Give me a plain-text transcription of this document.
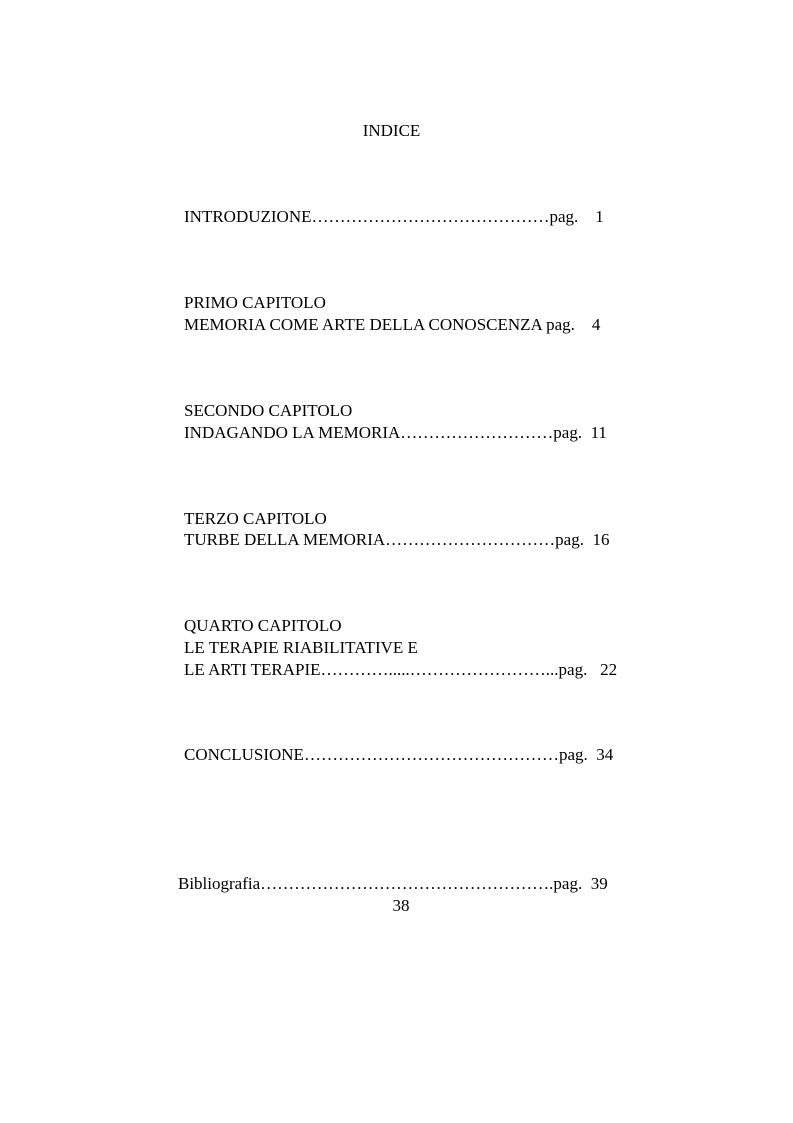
INDICE
INTRODUZIONE……………………………………pag.    1
PRIMO CAPITOLO
MEMORIA COME ARTE DELLA CONOSCENZA pag.    4
SECONDO CAPITOLO
INDAGANDO LA MEMORIA………………………pag.  11
TERZO CAPITOLO
TURBE DELLA MEMORIA…………………………pag.  16
QUARTO CAPITOLO
LE TERAPIE RIABILITATIVE E
LE ARTI TERAPIE………….....……………………...pag.   22
CONCLUSIONE………………………………………pag.  34
Bibliografia…………………………………………….pag.  39
38
